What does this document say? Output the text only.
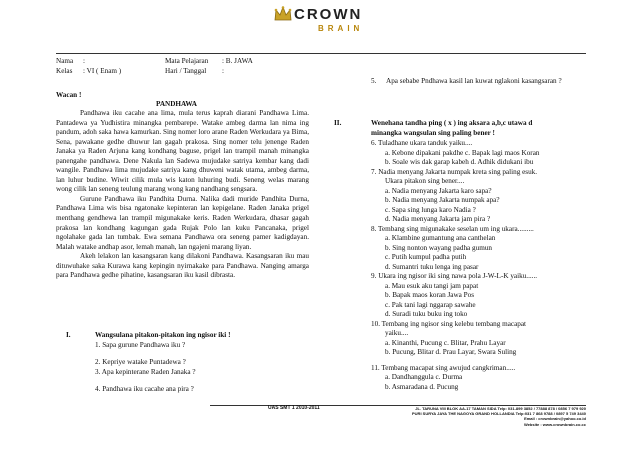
CROWN
BRAIN
Nama :	Mata Pelajaran : B. JAWA
Kelas : VI ( Enam )	Hari / Tanggal :
Wacan !
PANDHAWA
Pandhawa iku cacahe ana lima, mula terus kaprah diarani Pandhawa Lima. Pantadewa ya Yudhistira minangka pembarepe. Watake ambeg darma lan nima ing pandum, adoh saka hawa kamurkan. Sing nomer loro arane Raden Werkudara ya Bima, Sena, pawakane gedhe dhuwur lan gagah prakosa. Sing nomer telu jenenge Raden Janaka ya Raden Arjuna kang kondhang baguse, prigel lan trampil manah minangka panengahe pandhawa. Dene Nakula lan Sadewa mujudake satriya kembar kang dadi wangile. Pandhawa lima mujudake satriya kang dhuweni watak utama, ambeg darma, lan luhur budine. Wiwit cilik mula wis katon luhuring budi. Seneng welas marang wong cilik lan seneng teulung marang wong kang nandhang sengsara.
Gurune Pandhawa iku Pandhita Durna. Nalika dadi muride Pandhita Durna, Pandhawa Lima wis bisa ngatonake kepinteran lan kepigelane. Raden Janaka prigel menthang gendhewa lan trampil migunakake keris. Raden Werkudara, dhasar gagah prakosa lan kondhang kagungan gada Rujak Polo lan kuku Pancanaka, prigel ngolahake gada lan tumbak. Ewa semana Pandhawa ora seneng pamer kadigdayan. Malah watake andhap asor, lemah manah, lan ngajeni marang liyan.
Akeh lelakon lan kasangsaran kang dilakoni Pandhawa. Kasangsaran iku mau dituwuhake saka Kurawa kang kepingin nyirnakake para Pandhawa. Nanging amarga para Pandhawa gedhe pihatine, kasangsaran iku kasil dibrasta.
I.	Wangsulana pitakon-pitakon ing ngisor iki !
1. Sapa gurune Pandhawa iku ?
2. Kepriye watake Puntadewa ?
3. Apa kepinterane Raden Janaka ?
4. Pandhawa iku cacahe ana pira ?
5. Apa sebabe Pndhawa kasil lan kuwat nglakoni kasangsaran ?
II.	Wenehana tandha ping ( x ) ing aksara a,b,c utawa d
minangka wangsulan sing paling bener !
6. Tuladhane ukara tanduk yaiku....
a. Kebone dipakani pakdhe c. Bapak lagi maos Koran
b. Soale wis dak garap kabeh d. Adhik didukani ibu
7. Nadia menyang Jakarta numpak kreta sing paling esuk.
Ukara pitakon sing bener....
a. Nadia menyang Jakarta karo sapa?
b. Nadia menyang Jakarta numpak apa?
c. Sapa sing lunga karo Nadia ?
d. Nadia menyang Jakarta jam pira ?
8. Tembang sing migunakake seselan um ing ukara.........
a. Klambine gumantung ana canthelan
b. Sing nonton wayang padha gumun
c. Putih kumpul padha putih
d. Sumantri tuku lenga ing pasar
9. Ukara ing ngisor iki sing nawa pola J-W-L-K yaiku......
a. Mau esuk aku tangi jam papat
b. Bapak maos koran Jawa Pos
c. Pak tani lagi nggarap sawahe
d. Suradi tuku buku ing toko
10. Tembang ing ngisor sing kelebu tembang macapat
yaiku....
a. Kinanthi, Pucung c. Blitar, Prahu Layar
b. Pucung, Blitar d. Prau Layar, Swara Suling
11. Tembang macapat sing awujud cangkriman.....
a. Dandhanggula c. Durma
b. Asmaradana d. Pucung
UAS SMT 1 2010-2011	JL. TARUNA VIII BLOK AA-17 TAMAN SIDA Telp: 031-899 3852 / 77888 878 / 0856 7 979 920
PURI SURYA JAYA THE NAGOYA GRAND HOLLANDIA Telp:031 7 868 9788 / 0897 5 749 3440
Email : crownbrain@yahoo.co.id
Website : www.crownbrain.co.cc
